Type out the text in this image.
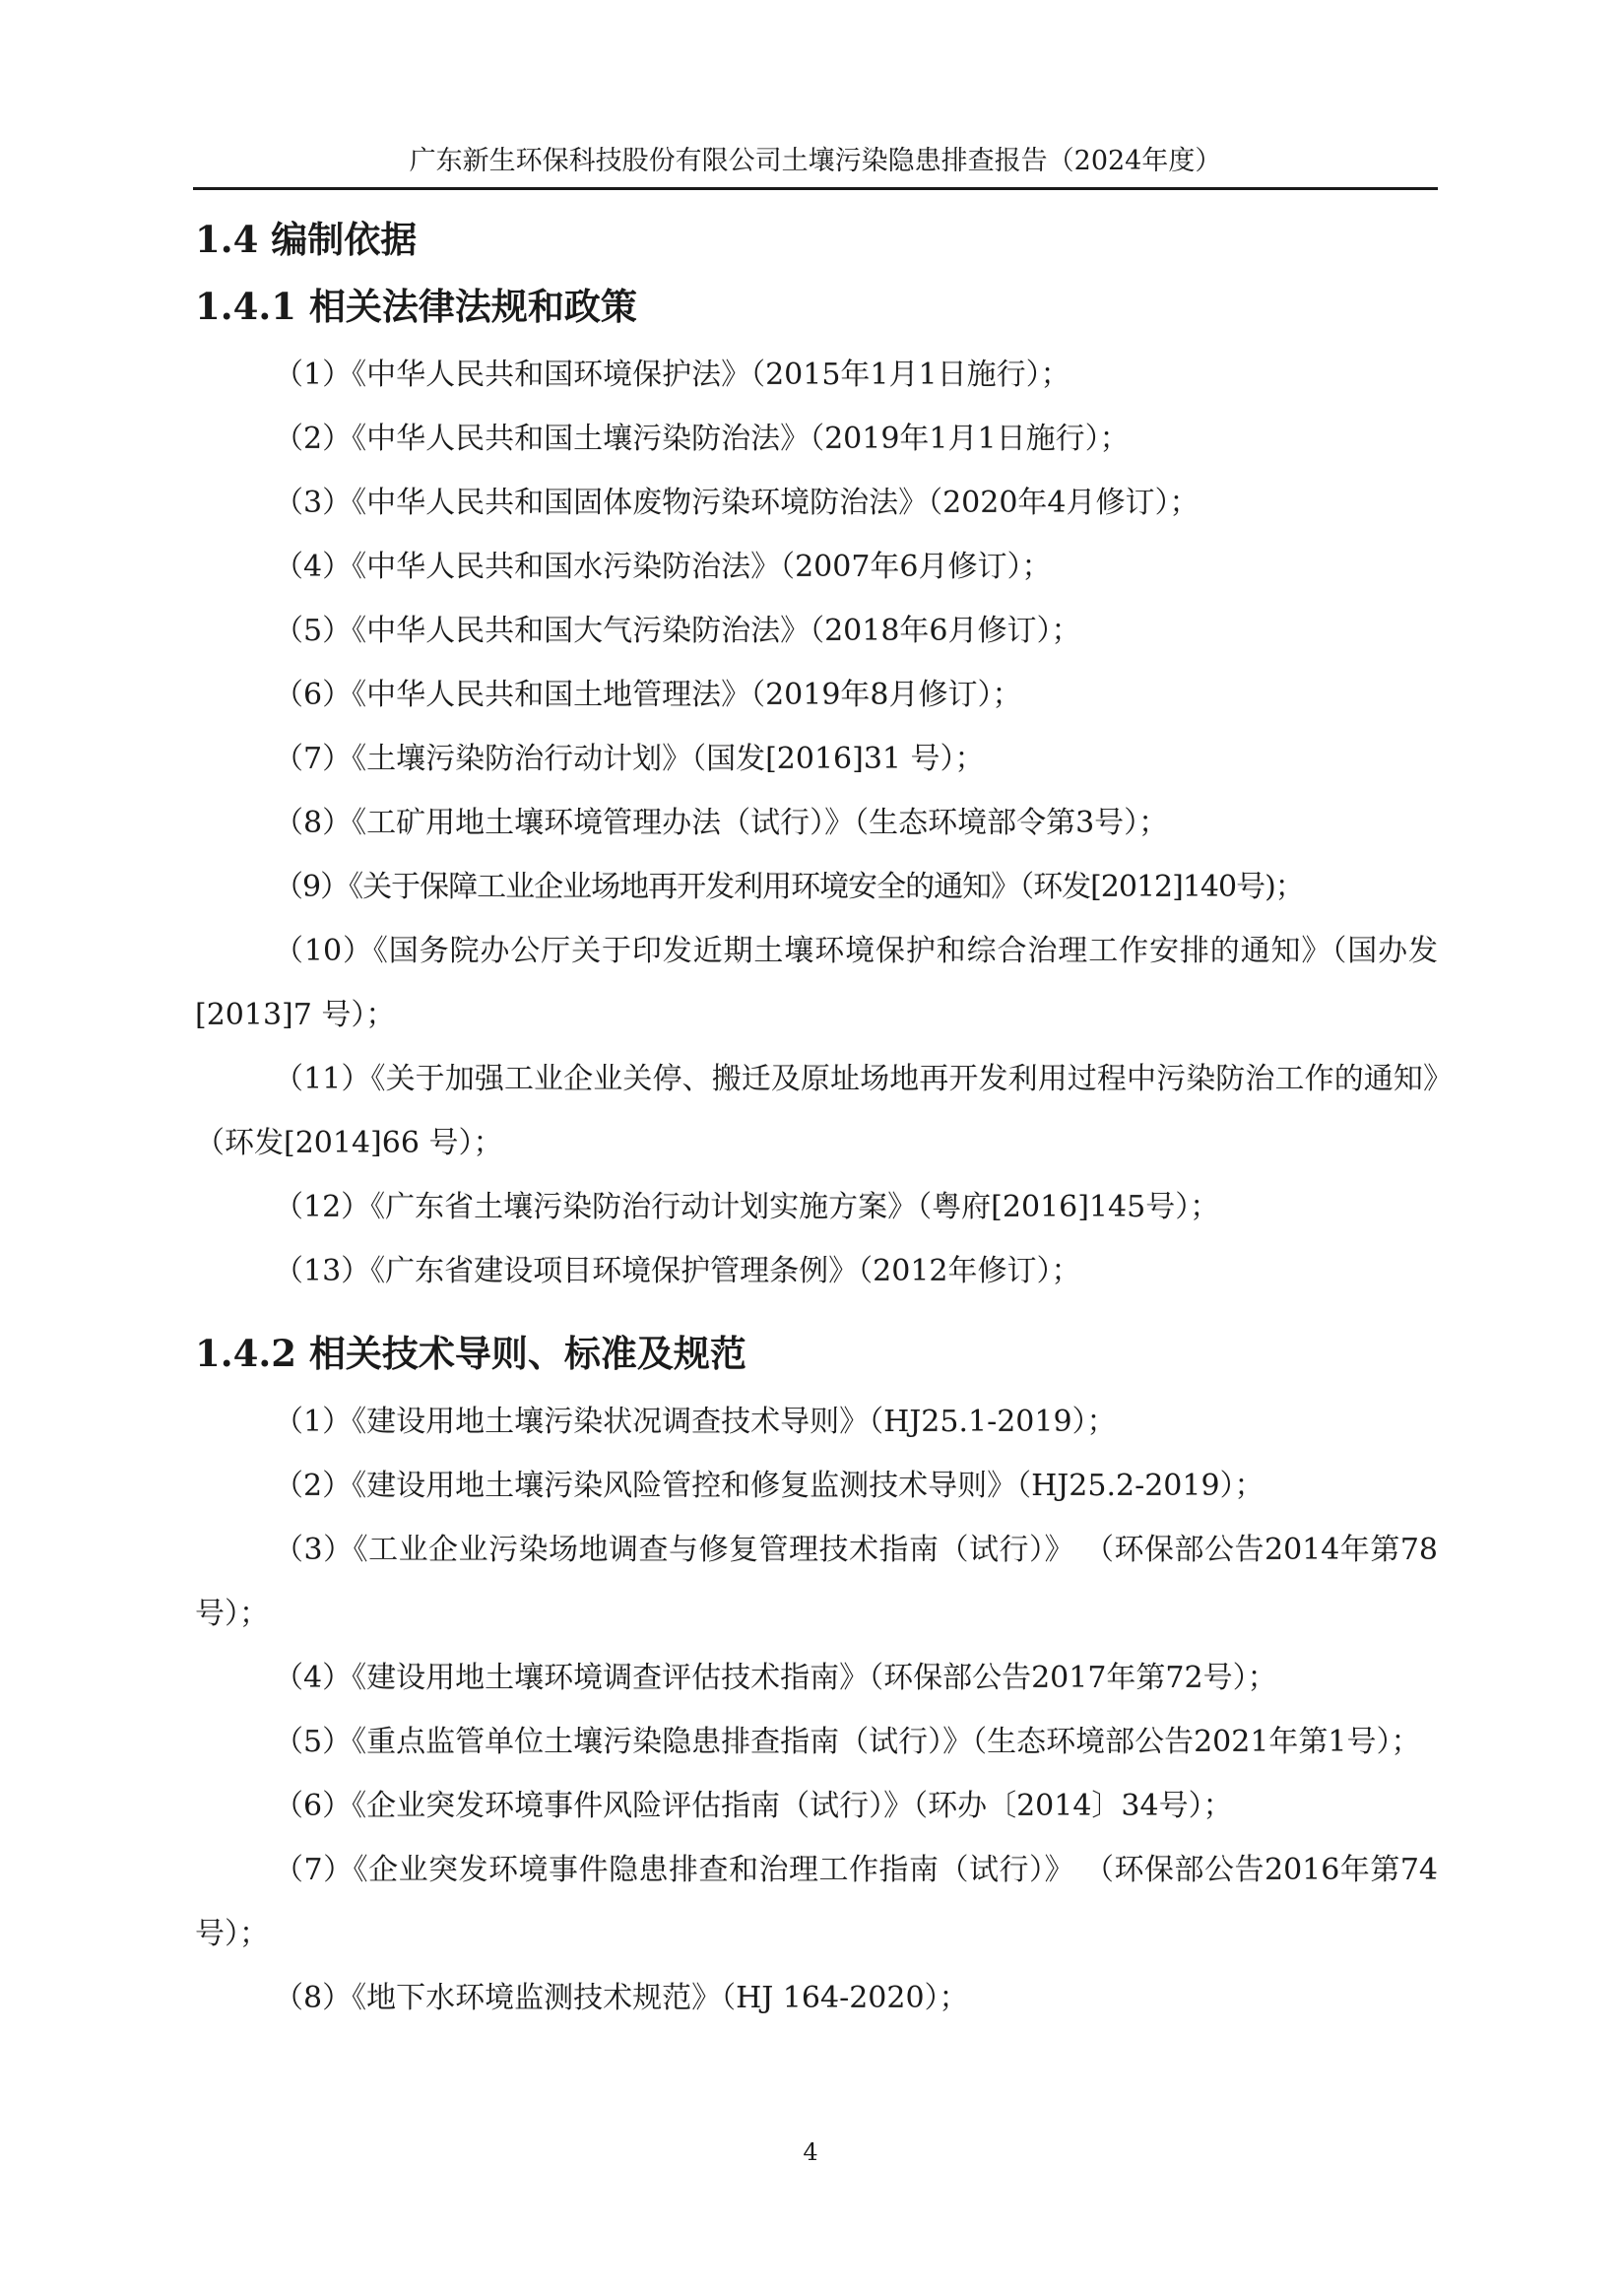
广东新生环保科技股份有限公司土壤污染隐患排查报告（2024年度）
1.4 编制依据
1.4.1 相关法律法规和政策

（1）《中华人民共和国环境保护法》（2015年1月1日施行）；

（2）《中华人民共和国土壤污染防治法》（2019年1月1日施行）；

（3）《中华人民共和国固体废物污染环境防治法》（2020年4月修订）；

（4）《中华人民共和国水污染防治法》（2007年6月修订）；

（5）《中华人民共和国大气污染防治法》（2018年6月修订）；

（6）《中华人民共和国土地管理法》（2019年8月修订）；

（7）《土壤污染防治行动计划》（国发[2016]31 号）；

（8）《工矿用地土壤环境管理办法（试行）》（生态环境部令第3号）；

（9）《关于保障工业企业场地再开发利用环境安全的通知》（环发[2012]140号)；

（10）《国务院办公厅关于印发近期土壤环境保护和综合治理工作安排的通知》（国办发[2013]7 号）；

（11）《关于加强工业企业关停、搬迁及原址场地再开发利用过程中污染防治工作的通知》（环发[2014]66 号）；

（12）《广东省土壤污染防治行动计划实施方案》（粤府[2016]145号）；

（13）《广东省建设项目环境保护管理条例》（2012年修订）；

1.4.2 相关技术导则、标准及规范

（1）《建设用地土壤污染状况调查技术导则》（HJ25.1-2019）；

（2）《建设用地土壤污染风险管控和修复监测技术导则》（HJ25.2-2019）；

（3）《工业企业污染场地调查与修复管理技术指南（试行）》 （环保部公告2014年第78 号）；

（4）《建设用地土壤环境调查评估技术指南》（环保部公告2017年第72号）；

（5）《重点监管单位土壤污染隐患排查指南（试行）》（生态环境部公告2021年第1号）；

（6）《企业突发环境事件风险评估指南（试行）》（环办〔2014〕34号）；

（7）《企业突发环境事件隐患排查和治理工作指南（试行）》 （环保部公告2016年第74 号）；

（8）《地下水环境监测技术规范》（HJ 164-2020）；

4
